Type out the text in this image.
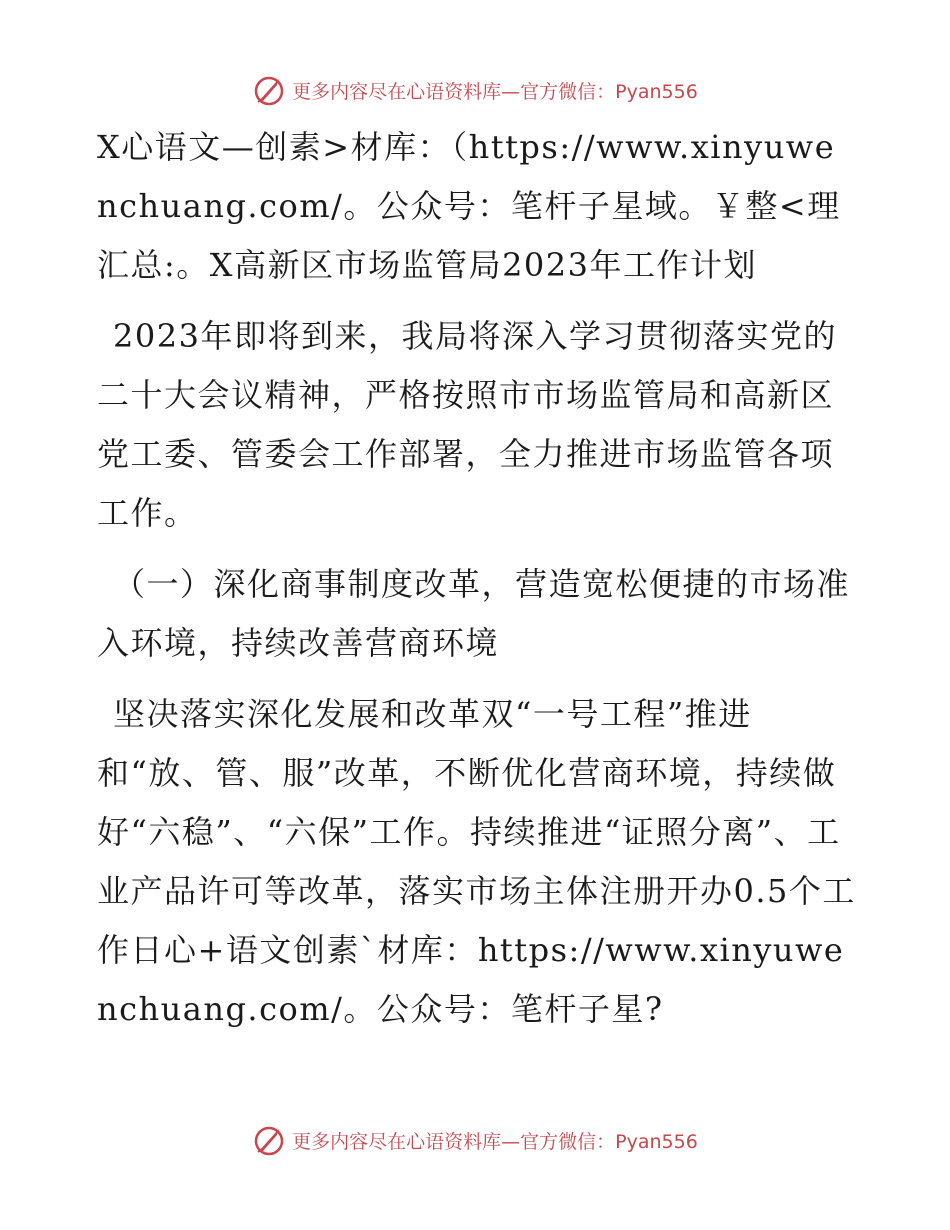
更多内容尽在心语资料库—官方微信：Pyan556

X心语文—创素>材库：（https://www.xinyuwenchuang.com/。公众号：笔杆子星域。￥整<理汇总:。X高新区市场监管局2023年工作计划

2023年即将到来，我局将深入学习贯彻落实党的二十大会议精神，严格按照市市场监管局和高新区党工委、管委会工作部署，全力推进市场监管各项工作。

（一）深化商事制度改革，营造宽松便捷的市场准入环境，持续改善营商环境

坚决落实深化发展和改革双“一号工程”推进和“放、管、服”改革，不断优化营商环境，持续做好“六稳”、“六保”工作。持续推进“证照分离”、工业产品许可等改革，落实市场主体注册开办0.5个工作日心+语文创素`材库：https://www.xinyuwenchuang.com/。公众号：笔杆子星?

更多内容尽在心语资料库—官方微信：Pyan556
